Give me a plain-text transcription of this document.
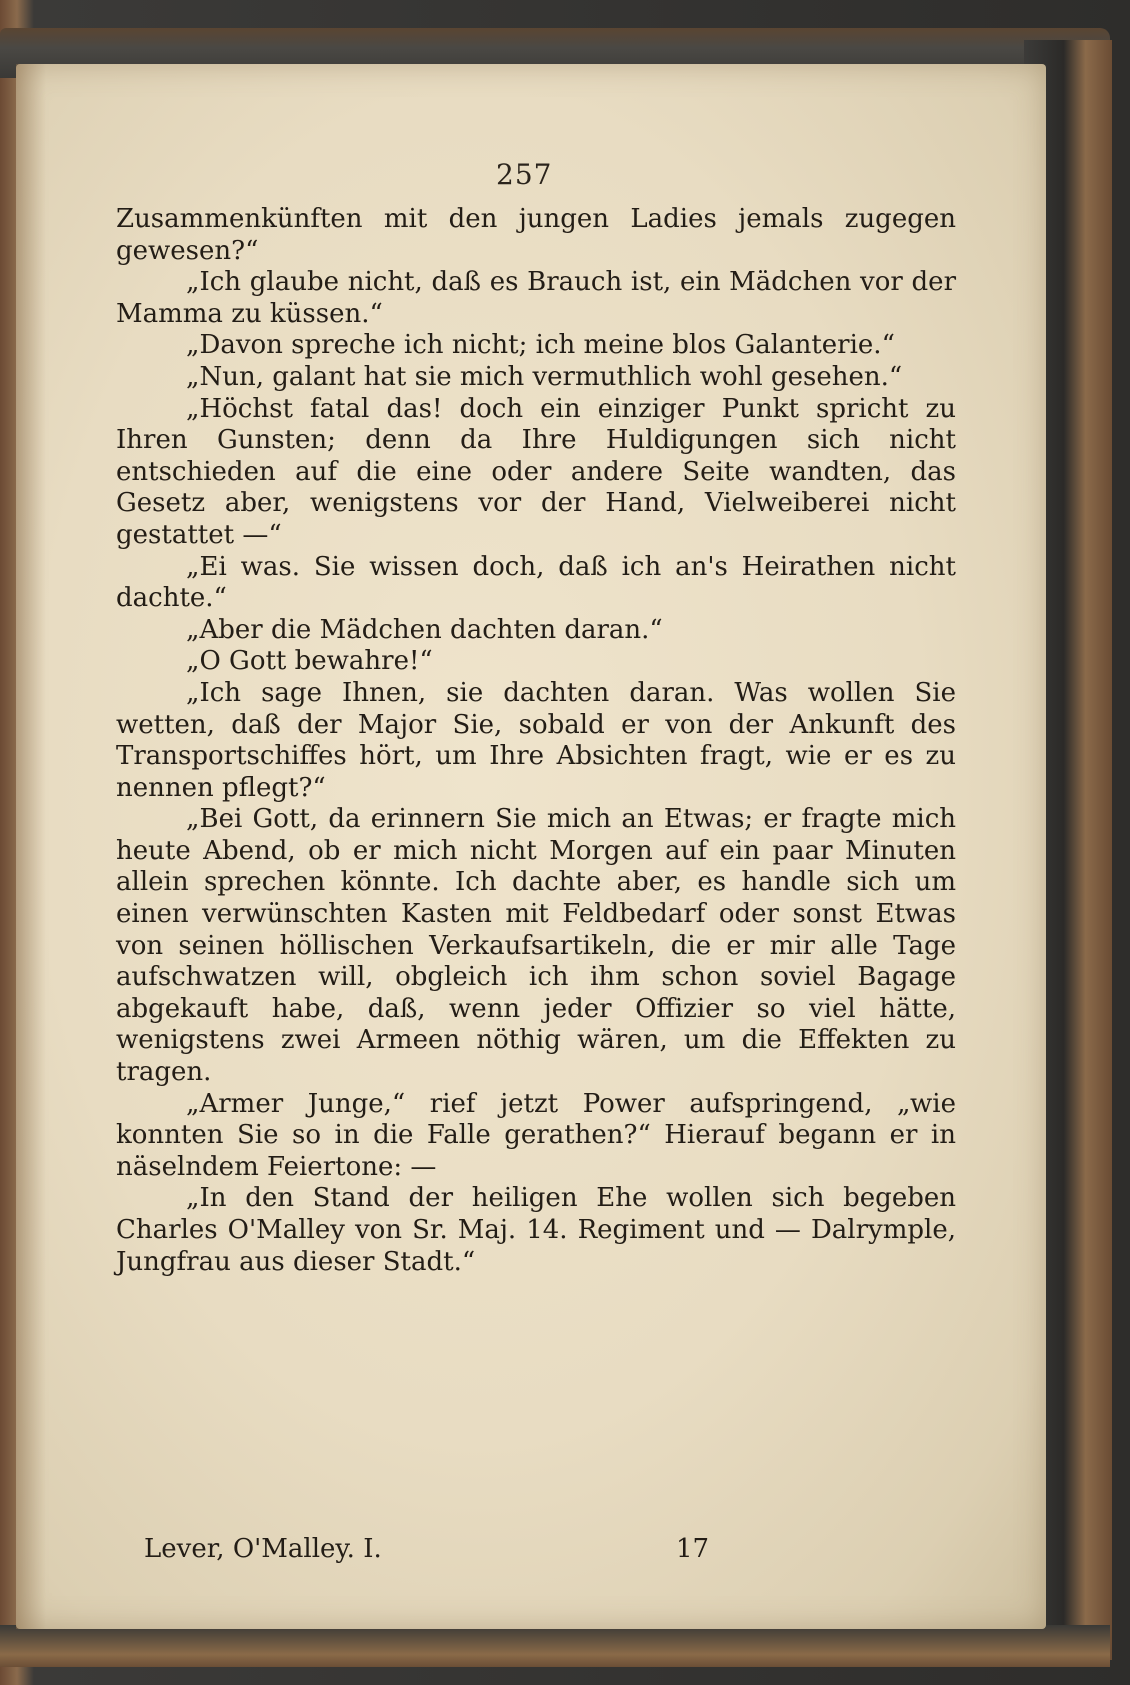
257

Zusammenkünften mit den jungen Ladies jemals zugegen gewesen?“

„Ich glaube nicht, daß es Brauch ist, ein Mädchen vor der Mamma zu küssen.“

„Davon spreche ich nicht; ich meine blos Galanterie.“

„Nun, galant hat sie mich vermuthlich wohl gesehen.“

„Höchst fatal das! doch ein einziger Punkt spricht zu Ihren Gunsten; denn da Ihre Huldigungen sich nicht entschieden auf die eine oder andere Seite wandten, das Gesetz aber, wenigstens vor der Hand, Vielweiberei nicht gestattet —“

„Ei was. Sie wissen doch, daß ich an's Heirathen nicht dachte.“

„Aber die Mädchen dachten daran.“

„O Gott bewahre!“

„Ich sage Ihnen, sie dachten daran. Was wollen Sie wetten, daß der Major Sie, sobald er von der Ankunft des Transportschiffes hört, um Ihre Absichten fragt, wie er es zu nennen pflegt?“

„Bei Gott, da erinnern Sie mich an Etwas; er fragte mich heute Abend, ob er mich nicht Morgen auf ein paar Minuten allein sprechen könnte. Ich dachte aber, es handle sich um einen verwünschten Kasten mit Feldbedarf oder sonst Etwas von seinen höllischen Verkaufsartikeln, die er mir alle Tage aufschwatzen will, obgleich ich ihm schon soviel Bagage abgekauft habe, daß, wenn jeder Offizier so viel hätte, wenigstens zwei Armeen nöthig wären, um die Effekten zu tragen.

„Armer Junge,“ rief jetzt Power aufspringend, „wie konnten Sie so in die Falle gerathen?“ Hierauf begann er in näselndem Feiertone: —

„In den Stand der heiligen Ehe wollen sich begeben Charles O'Malley von Sr. Maj. 14. Regiment und — Dalrymple, Jungfrau aus dieser Stadt.“

Lever, O'Malley. I.	17
